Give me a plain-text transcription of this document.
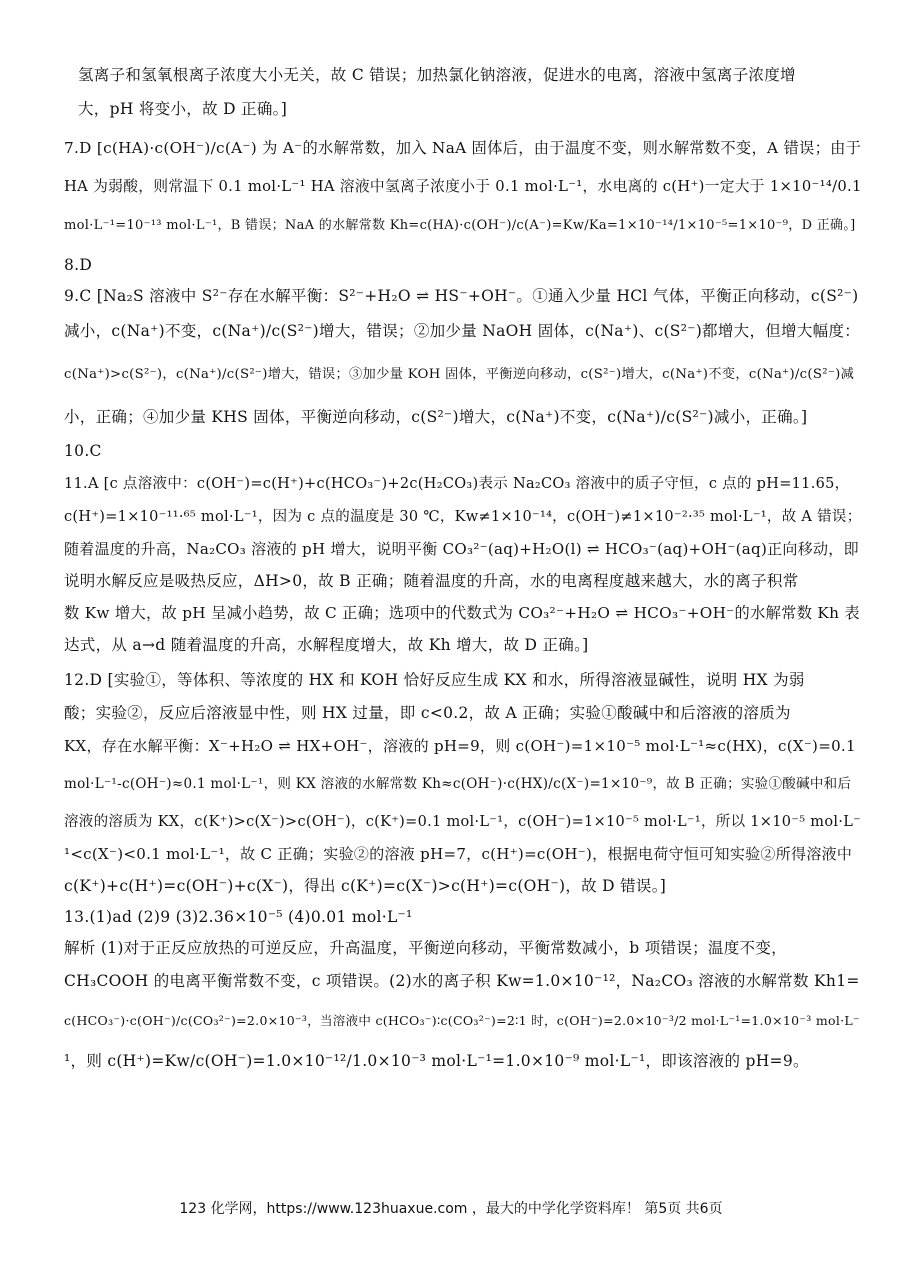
氢离子和氢氧根离子浓度大小无关，故 C 错误；加热氯化钠溶液，促进水的电离，溶液中氢离子浓度增
大，pH 将变小，故 D 正确。]
7.D [c(HA)·c(OH⁻)/c(A⁻) 为 A⁻的水解常数，加入 NaA 固体后，由于温度不变，则水解常数不变，A 错误；由于
HA 为弱酸，则常温下 0.1 mol·L⁻¹ HA 溶液中氢离子浓度小于 0.1 mol·L⁻¹，水电离的 c(H⁺)一定大于 1×10⁻¹⁴/0.1
mol·L⁻¹=10⁻¹³ mol·L⁻¹，B 错误；NaA 的水解常数 Kh=c(HA)·c(OH⁻)/c(A⁻)=Kw/Ka=1×10⁻¹⁴/1×10⁻⁵=1×10⁻⁹，D 正确。]
8.D
9.C [Na₂S 溶液中 S²⁻存在水解平衡：S²⁻+H₂O ⇌ HS⁻+OH⁻。①通入少量 HCl 气体，平衡正向移动，c(S²⁻)
减小，c(Na⁺)不变，c(Na⁺)/c(S²⁻)增大，错误；②加少量 NaOH 固体，c(Na⁺)、c(S²⁻)都增大，但增大幅度：
c(Na⁺)>c(S²⁻)，c(Na⁺)/c(S²⁻)增大，错误；③加少量 KOH 固体，平衡逆向移动，c(S²⁻)增大，c(Na⁺)不变，c(Na⁺)/c(S²⁻)减
小，正确；④加少量 KHS 固体，平衡逆向移动，c(S²⁻)增大，c(Na⁺)不变，c(Na⁺)/c(S²⁻)减小，正确。]
10.C
11.A [c 点溶液中：c(OH⁻)=c(H⁺)+c(HCO₃⁻)+2c(H₂CO₃)表示 Na₂CO₃ 溶液中的质子守恒，c 点的 pH=11.65，
c(H⁺)=1×10⁻¹¹·⁶⁵ mol·L⁻¹，因为 c 点的温度是 30 ℃，Kw≠1×10⁻¹⁴，c(OH⁻)≠1×10⁻²·³⁵ mol·L⁻¹，故 A 错误；
随着温度的升高，Na₂CO₃ 溶液的 pH 增大，说明平衡 CO₃²⁻(aq)+H₂O(l) ⇌ HCO₃⁻(aq)+OH⁻(aq)正向移动，即
说明水解反应是吸热反应，ΔH>0，故 B 正确；随着温度的升高，水的电离程度越来越大，水的离子积常
数 Kw 增大，故 pH 呈减小趋势，故 C 正确；选项中的代数式为 CO₃²⁻+H₂O ⇌ HCO₃⁻+OH⁻的水解常数 Kh 表
达式，从 a→d 随着温度的升高，水解程度增大，故 Kh 增大，故 D 正确。]
12.D [实验①，等体积、等浓度的 HX 和 KOH 恰好反应生成 KX 和水，所得溶液显碱性，说明 HX 为弱
酸；实验②，反应后溶液显中性，则 HX 过量，即 c<0.2，故 A 正确；实验①酸碱中和后溶液的溶质为
KX，存在水解平衡：X⁻+H₂O ⇌ HX+OH⁻，溶液的 pH=9，则 c(OH⁻)=1×10⁻⁵ mol·L⁻¹≈c(HX)，c(X⁻)=0.1
mol·L⁻¹-c(OH⁻)≈0.1 mol·L⁻¹，则 KX 溶液的水解常数 Kh≈c(OH⁻)·c(HX)/c(X⁻)=1×10⁻⁹，故 B 正确；实验①酸碱中和后
溶液的溶质为 KX，c(K⁺)>c(X⁻)>c(OH⁻)，c(K⁺)=0.1 mol·L⁻¹，c(OH⁻)=1×10⁻⁵ mol·L⁻¹，所以 1×10⁻⁵ mol·L⁻
¹<c(X⁻)<0.1 mol·L⁻¹，故 C 正确；实验②的溶液 pH=7，c(H⁺)=c(OH⁻)，根据电荷守恒可知实验②所得溶液中
c(K⁺)+c(H⁺)=c(OH⁻)+c(X⁻)，得出 c(K⁺)=c(X⁻)>c(H⁺)=c(OH⁻)，故 D 错误。]
13.(1)ad (2)9 (3)2.36×10⁻⁵ (4)0.01 mol·L⁻¹
解析 (1)对于正反应放热的可逆反应，升高温度，平衡逆向移动，平衡常数减小，b 项错误；温度不变，
CH₃COOH 的电离平衡常数不变，c 项错误。(2)水的离子积 Kw=1.0×10⁻¹²，Na₂CO₃ 溶液的水解常数 Kh1=
c(HCO₃⁻)·c(OH⁻)/c(CO₃²⁻)=2.0×10⁻³，当溶液中 c(HCO₃⁻)∶c(CO₃²⁻)=2∶1 时，c(OH⁻)=2.0×10⁻³/2 mol·L⁻¹=1.0×10⁻³ mol·L⁻
¹，则 c(H⁺)=Kw/c(OH⁻)=1.0×10⁻¹²/1.0×10⁻³ mol·L⁻¹=1.0×10⁻⁹ mol·L⁻¹，即该溶液的 pH=9。
123 化学网，https://www.123huaxue.com ，最大的中学化学资料库！ 第5页 共6页
